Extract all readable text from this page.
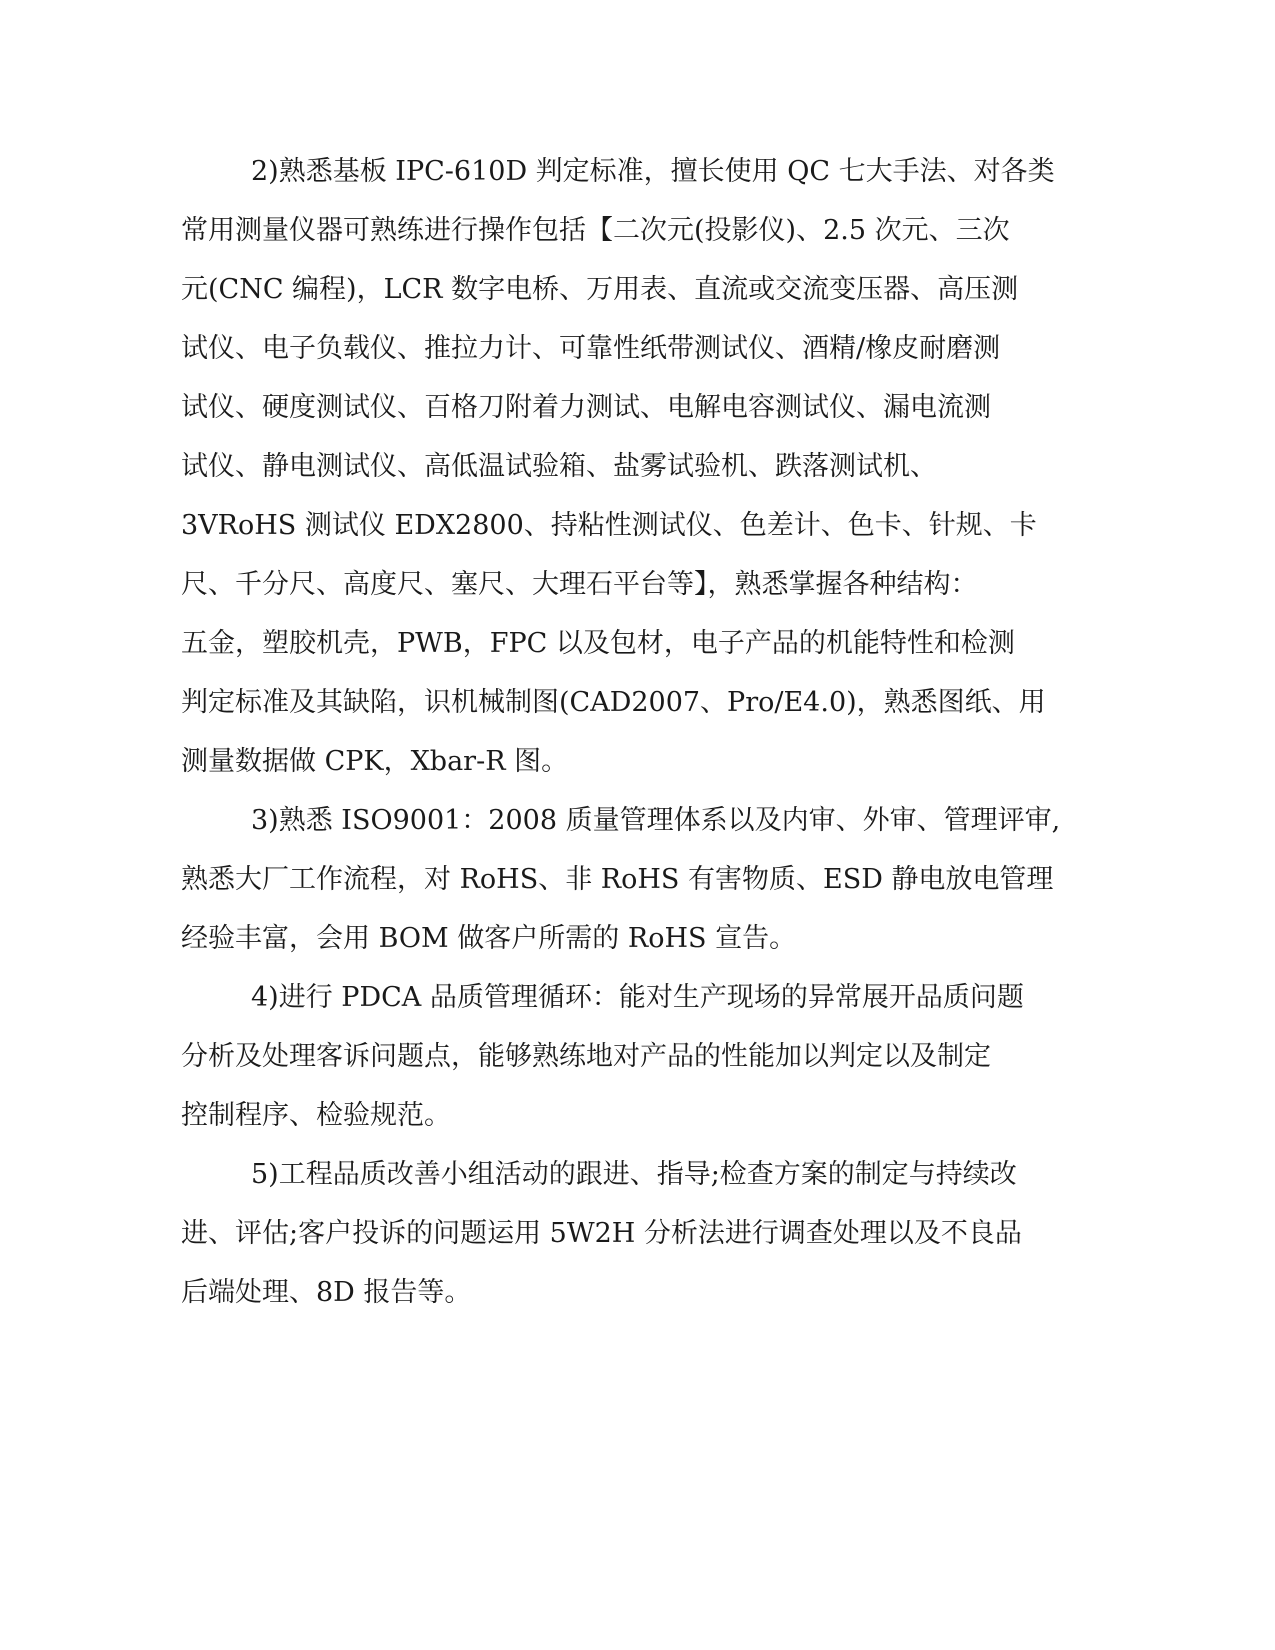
2)熟悉基板 IPC-610D 判定标准，擅长使用 QC 七大手法、对各类
常用测量仪器可熟练进行操作包括【二次元(投影仪)、2.5 次元、三次
元(CNC 编程)，LCR 数字电桥、万用表、直流或交流变压器、高压测
试仪、电子负载仪、推拉力计、可靠性纸带测试仪、酒精/橡皮耐磨测
试仪、硬度测试仪、百格刀附着力测试、电解电容测试仪、漏电流测
试仪、静电测试仪、高低温试验箱、盐雾试验机、跌落测试机、
3VRoHS 测试仪 EDX2800、持粘性测试仪、色差计、色卡、针规、卡
尺、千分尺、高度尺、塞尺、大理石平台等】，熟悉掌握各种结构：
五金，塑胶机壳，PWB，FPC 以及包材，电子产品的机能特性和检测
判定标准及其缺陷，识机械制图(CAD2007、Pro/E4.0)，熟悉图纸、用
测量数据做 CPK，Xbar-R 图。
3)熟悉 ISO9001：2008 质量管理体系以及内审、外审、管理评审,
熟悉大厂工作流程，对 RoHS、非 RoHS 有害物质、ESD 静电放电管理
经验丰富，会用 BOM 做客户所需的 RoHS 宣告。
4)进行 PDCA 品质管理循环：能对生产现场的异常展开品质问题
分析及处理客诉问题点，能够熟练地对产品的性能加以判定以及制定
控制程序、检验规范。
5)工程品质改善小组活动的跟进、指导;检查方案的制定与持续改
进、评估;客户投诉的问题运用 5W2H 分析法进行调查处理以及不良品
后端处理、8D 报告等。
